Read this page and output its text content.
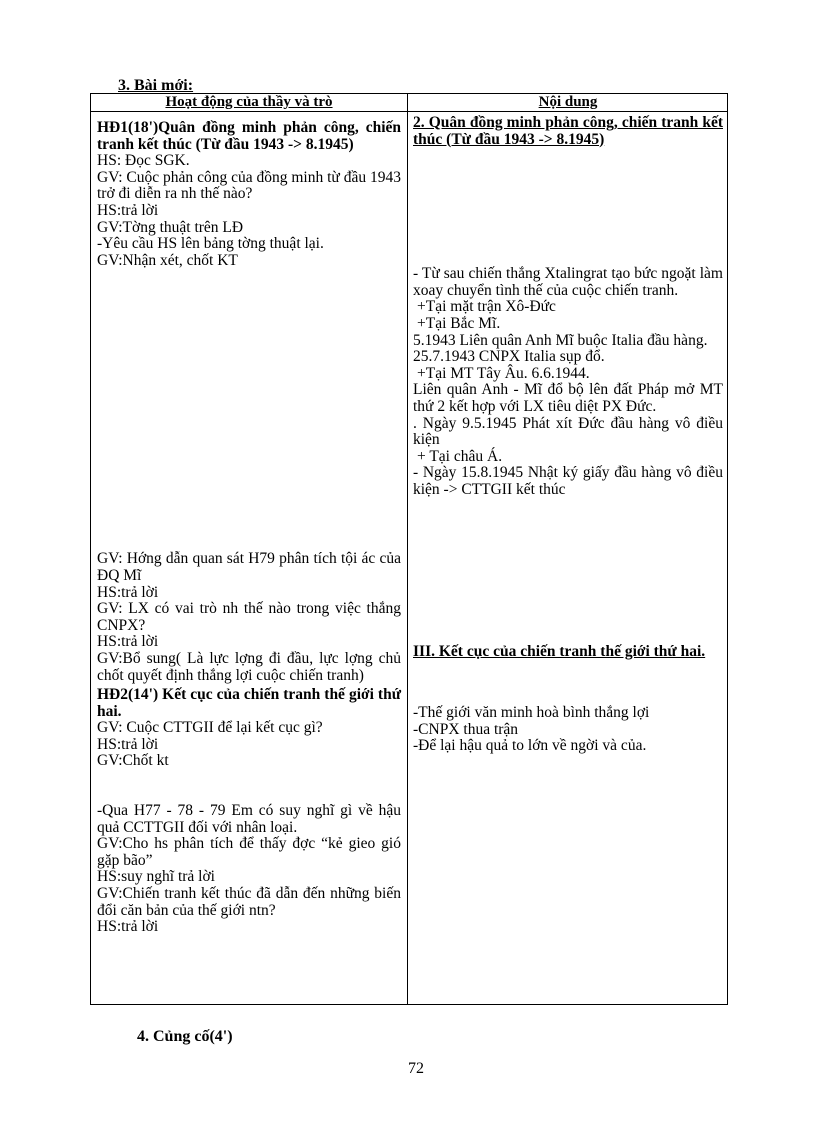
3. Bài mới:
Hoạt động của thầy và trò	Nội dung

HĐ1(18')Quân đồng minh phản công, chiến tranh kết thúc (Từ đầu 1943 -> 8.1945)

HS: Đọc SGK.

GV: Cuộc phản công của đồng minh từ đầu 1943 trở đi diễn ra nh thế nào?

HS:trả lời

GV:Tờng thuật trên LĐ

-Yêu cầu HS lên bảng tờng thuật lại.

GV:Nhận xét, chốt KT

GV: Hớng dẫn quan sát H79 phân tích tội ác của ĐQ Mĩ

HS:trả lời

GV: LX có vai trò nh thế nào trong việc thắng CNPX?

HS:trả lời

GV:Bổ sung( Là lực lợng đi đầu, lực lợng chủ chốt quyết định thắng lợi cuộc chiến tranh)

HĐ2(14') Kết cục của chiến tranh thế giới thứ hai.

GV: Cuộc CTTGII để lại kết cục gì?

HS:trả lời

GV:Chốt kt

-Qua H77 - 78 - 79 Em có suy nghĩ gì về hậu quả CCTTGII đối với nhân loại.

GV:Cho hs phân tích để thấy đợc “kẻ gieo gió gặp bão”

HS:suy nghĩ trả lời

GV:Chiến tranh kết thúc đã dẫn đến những biến đổi căn bản của thế giới ntn?

HS:trả lời

2. Quân đồng minh phản công, chiến tranh kết thúc (Từ đầu 1943 -> 8.1945)

- Từ sau chiến thắng Xtalingrat tạo bức ngoặt làm xoay chuyển tình thế của cuộc chiến tranh.

+Tại mặt trận Xô-Đức

+Tại Bắc Mĩ.

5.1943 Liên quân Anh Mĩ buộc Italia đầu hàng.

25.7.1943 CNPX Italia sụp đổ.

+Tại MT Tây Âu. 6.6.1944.

Liên quân Anh - Mĩ đổ bộ lên đất Pháp mở MT thứ 2 kết hợp với LX tiêu diệt PX Đức.

. Ngày 9.5.1945 Phát xít Đức đầu hàng vô điều kiện

+ Tại châu Á.

- Ngày 15.8.1945 Nhật ký giấy đầu hàng vô điều kiện -> CTTGII kết thúc

III. Kết cục của chiến tranh thế giới thứ hai.

-Thế giới văn minh hoà bình thắng lợi

-CNPX thua trận

-Để lại hậu quả to lớn về ngời và của.

4. Củng cố(4')
72
